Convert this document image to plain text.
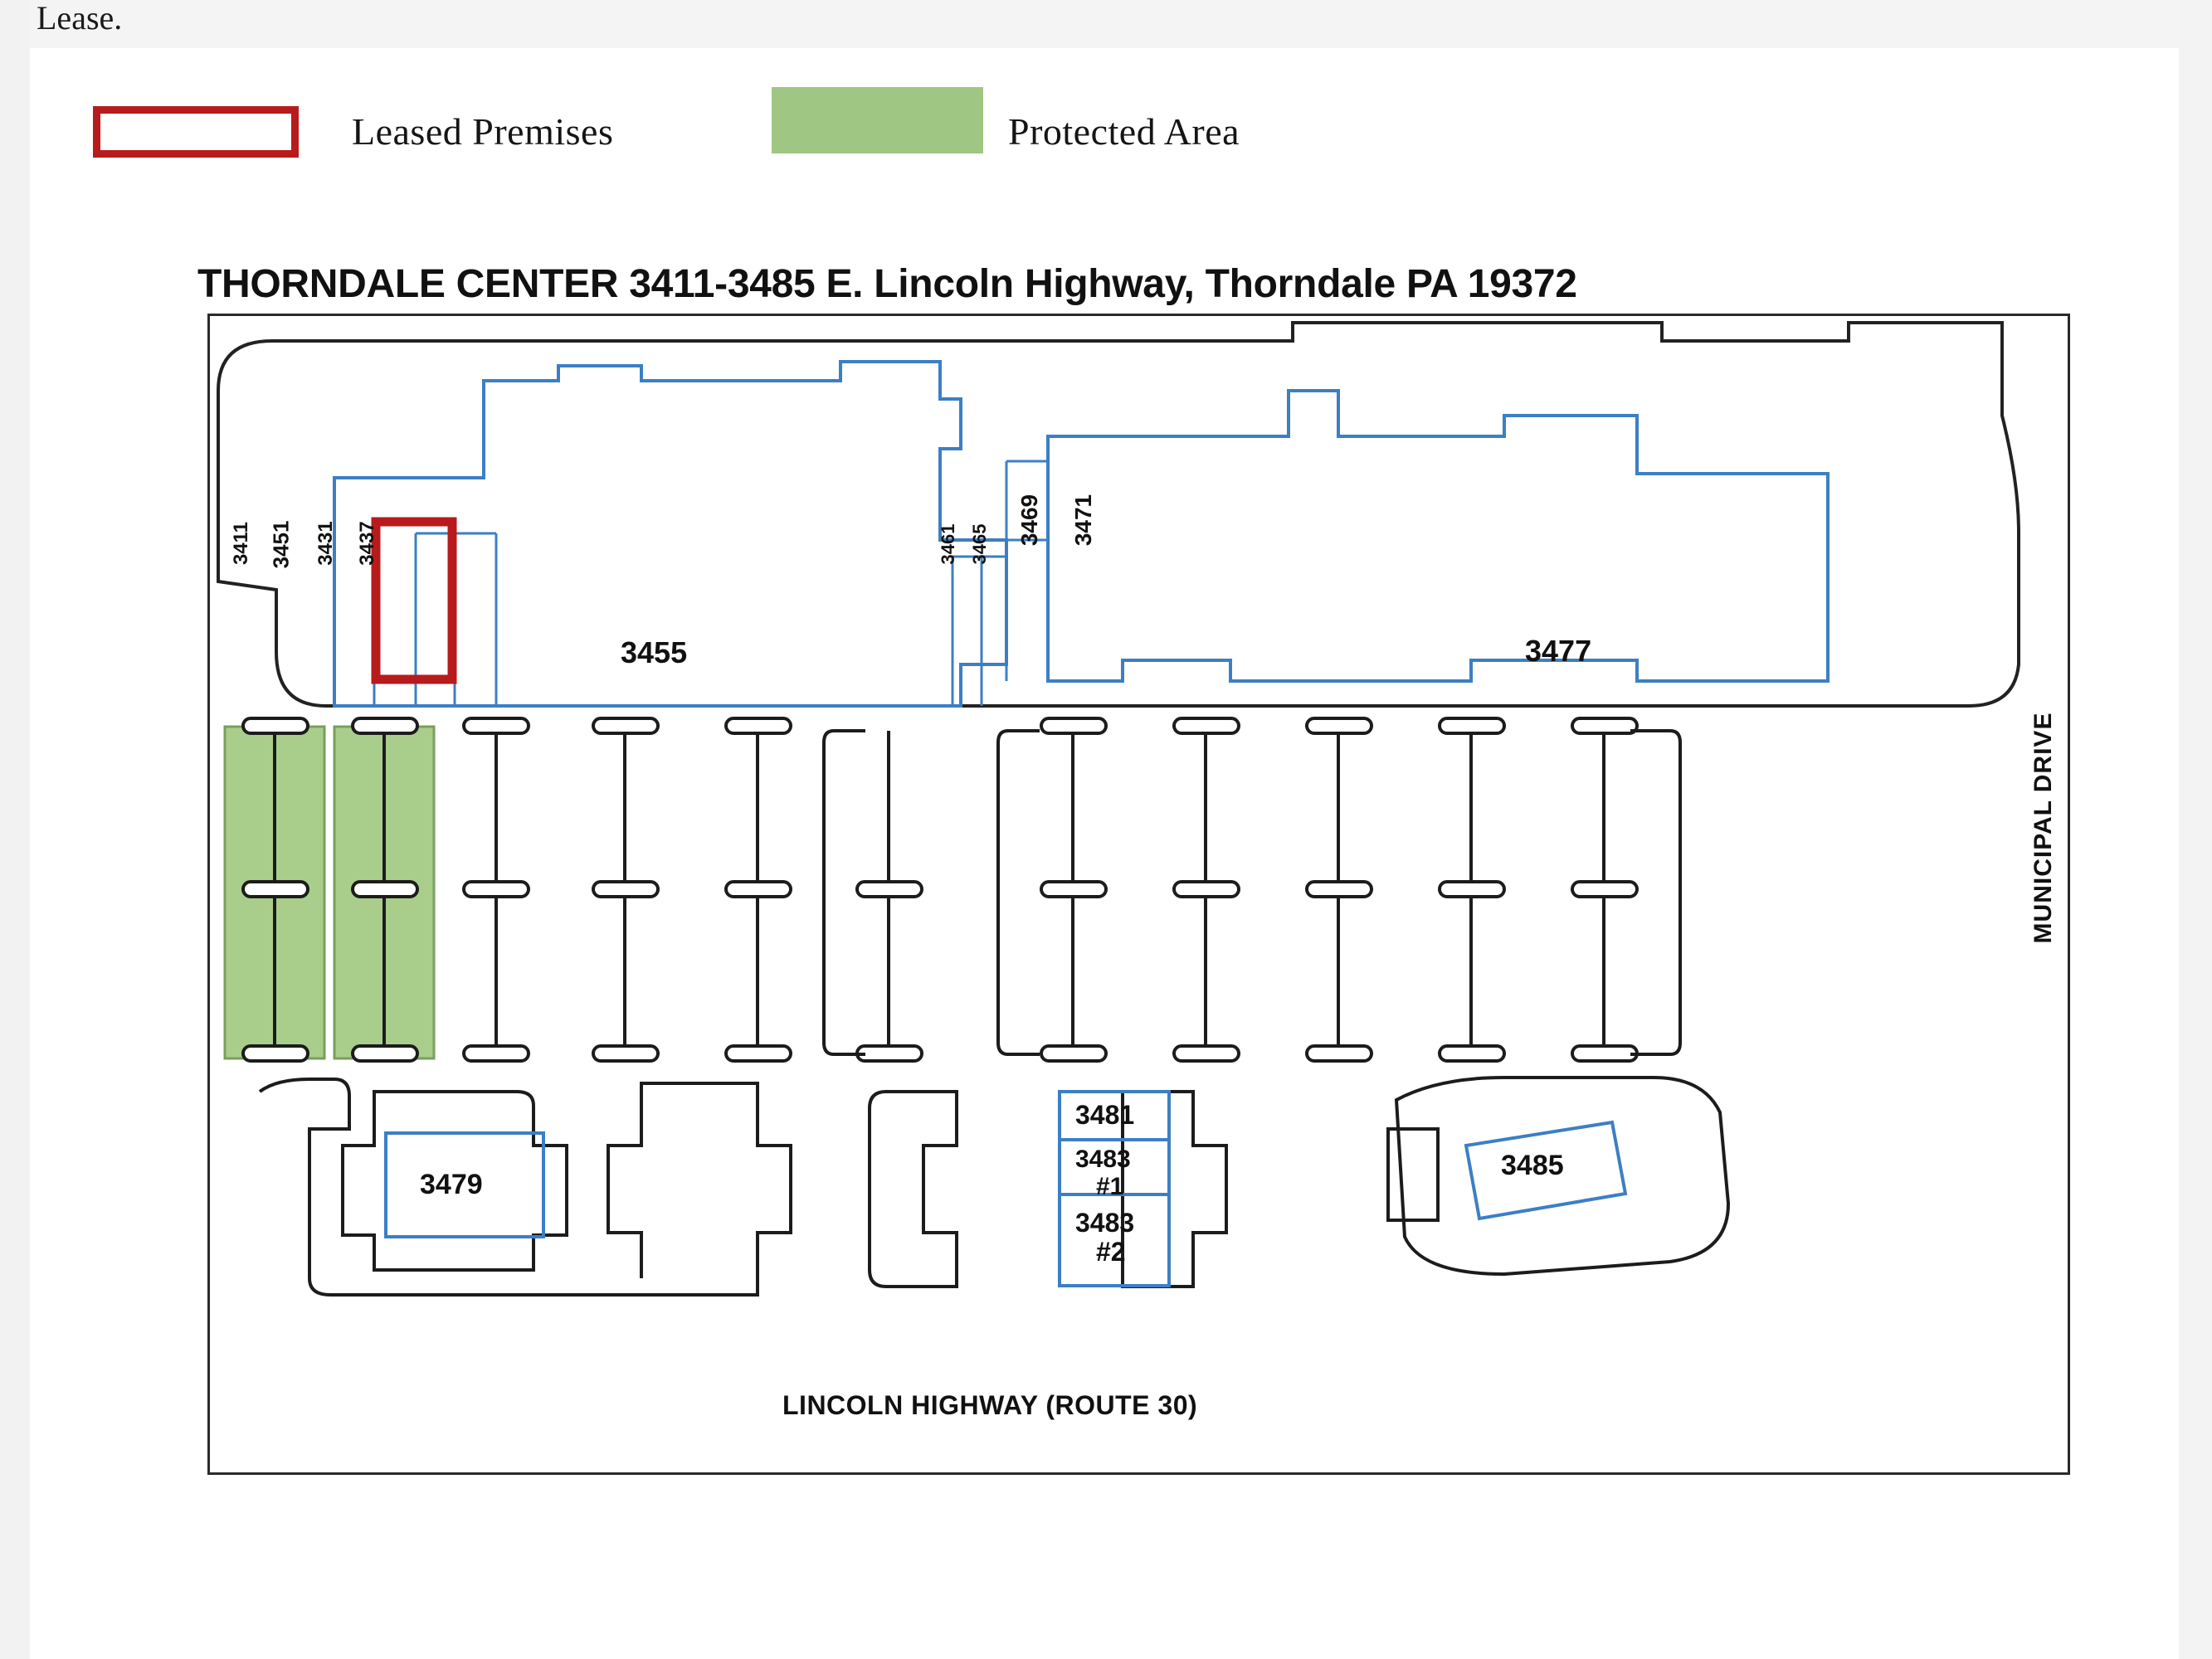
Lease.
Leased Premises	Protected Area
THORNDALE CENTER 3411-3485 E. Lincoln Highway, Thorndale PA 19372
3411 3451 3431 3437
3455
3461 3465 3469 3471
3477
3479
3481
3483
#1
3483
#2
3485
MUNICIPAL DRIVE
LINCOLN HIGHWAY (ROUTE 30)
